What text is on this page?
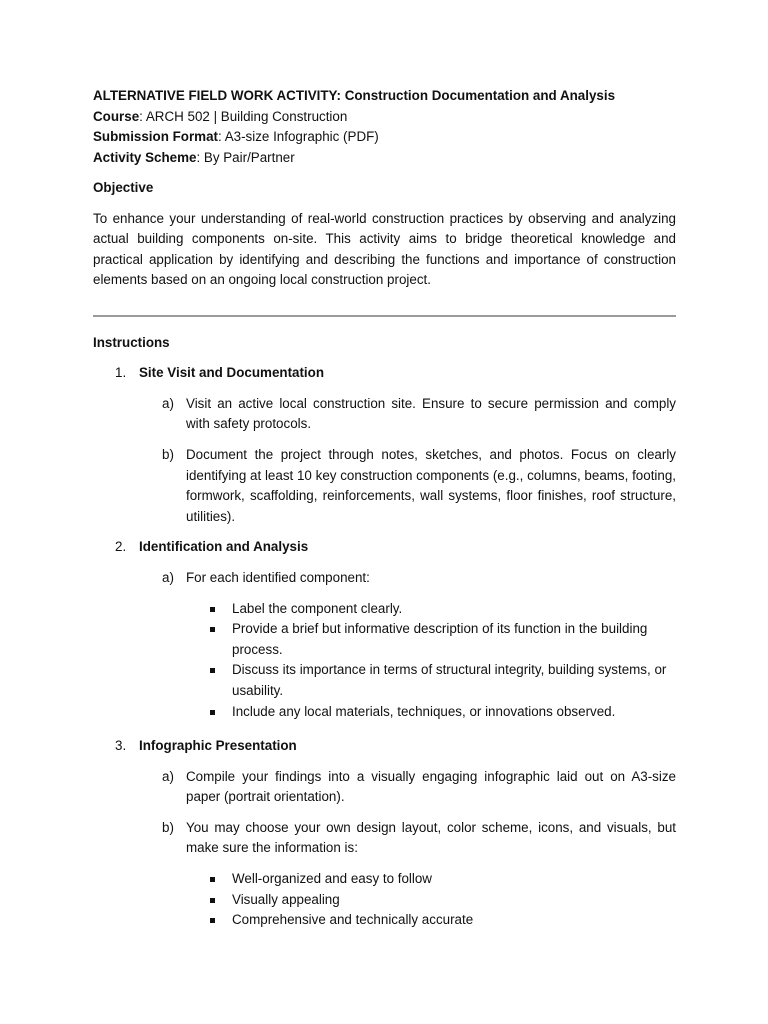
ALTERNATIVE FIELD WORK ACTIVITY: Construction Documentation and Analysis

Course: ARCH 502 | Building Construction

Submission Format: A3-size Infographic (PDF)

Activity Scheme: By Pair/Partner

Objective

To enhance your understanding of real-world construction practices by observing and analyzing actual building components on-site. This activity aims to bridge theoretical knowledge and practical application by identifying and describing the functions and importance of construction elements based on an ongoing local construction project.

Instructions

1. Site Visit and Documentation
a) Visit an active local construction site. Ensure to secure permission and comply with safety protocols.
b) Document the project through notes, sketches, and photos. Focus on clearly identifying at least 10 key construction components (e.g., columns, beams, footing, formwork, scaffolding, reinforcements, wall systems, floor finishes, roof structure, utilities).
2. Identification and Analysis
a) For each identified component:
Label the component clearly.
Provide a brief but informative description of its function in the building process.
Discuss its importance in terms of structural integrity, building systems, or usability.
Include any local materials, techniques, or innovations observed.
3. Infographic Presentation
a) Compile your findings into a visually engaging infographic laid out on A3-size paper (portrait orientation).
b) You may choose your own design layout, color scheme, icons, and visuals, but make sure the information is:
Well-organized and easy to follow
Visually appealing
Comprehensive and technically accurate
